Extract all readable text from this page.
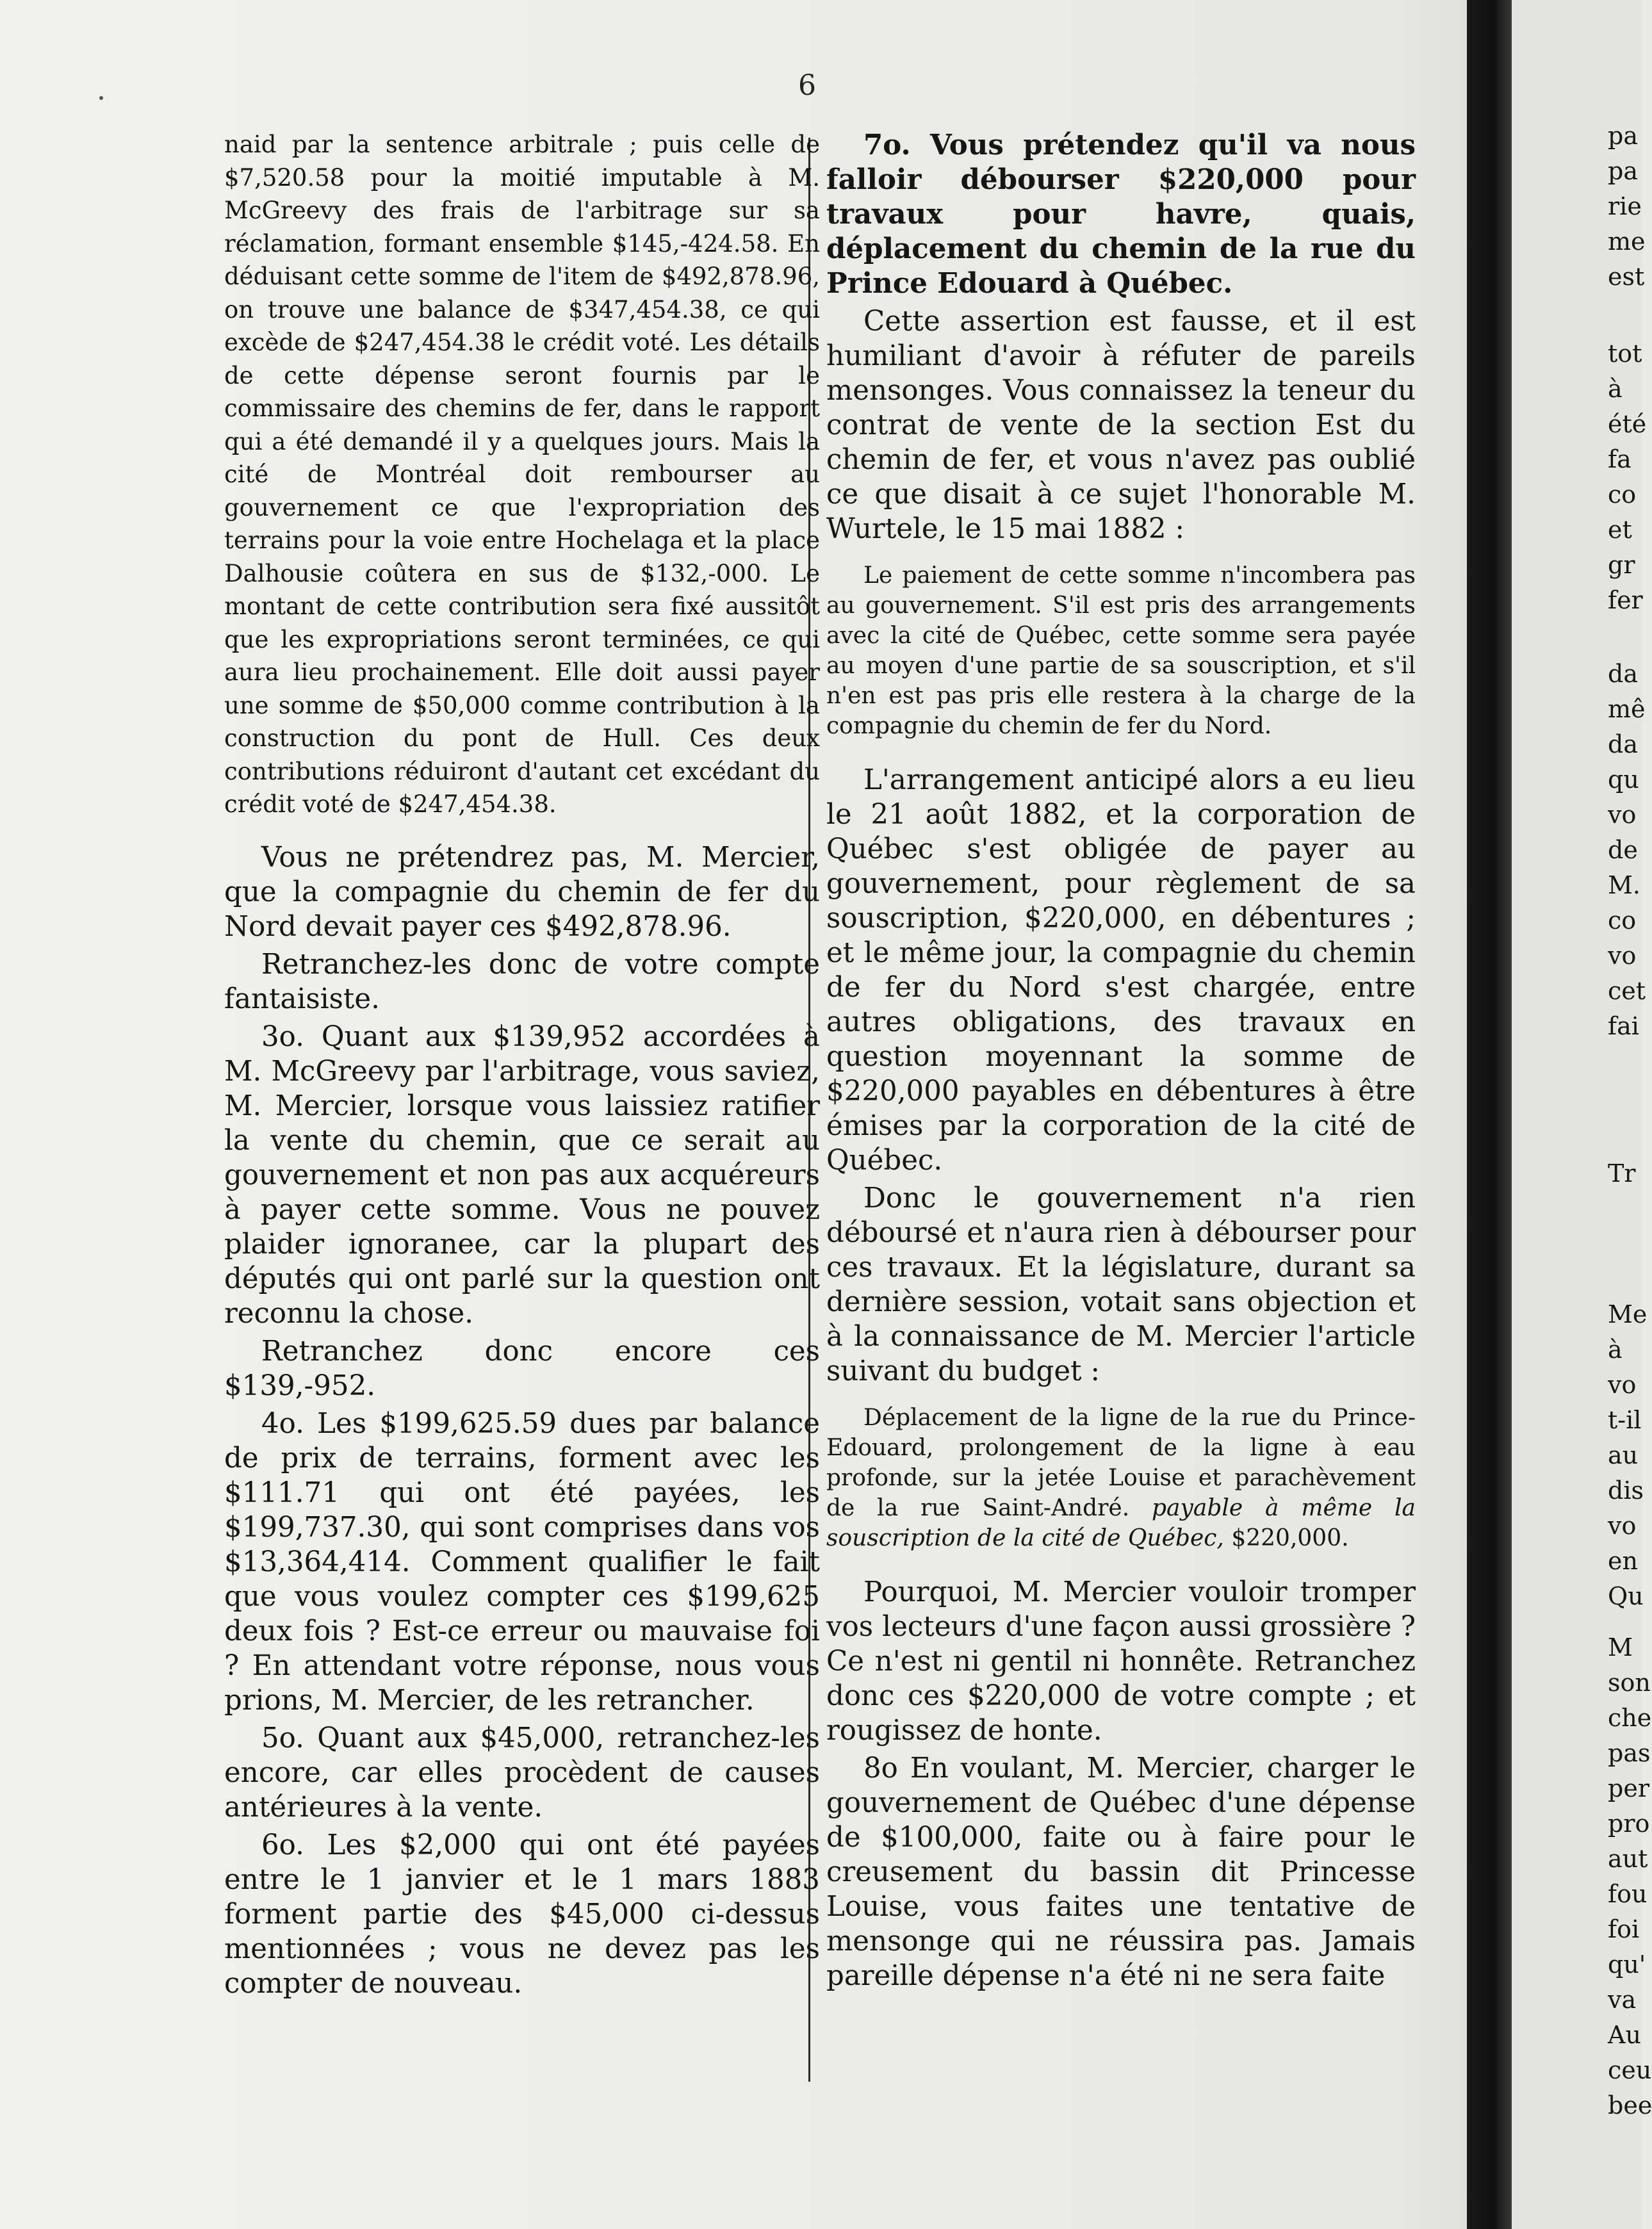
6

naid par la sentence arbitrale ; puis celle de $7,520.58 pour la moitié imputable à M. McGreevy des frais de l'arbitrage sur sa réclamation, formant ensemble $145,-424.58. En déduisant cette somme de l'item de $492,878.96, on trouve une balance de $347,454.38, ce qui excède de $247,454.38 le crédit voté. Les détails de cette dépense seront fournis par le commissaire des chemins de fer, dans le rapport qui a été demandé il y a quelques jours. Mais la cité de Montréal doit rembourser au gouvernement ce que l'expropriation des terrains pour la voie entre Hochelaga et la place Dalhousie coûtera en sus de $132,-000. Le montant de cette contribution sera fixé aussitôt que les expropriations seront terminées, ce qui aura lieu prochainement. Elle doit aussi payer une somme de $50,000 comme contribution à la construction du pont de Hull. Ces deux contributions réduiront d'autant cet excédant du crédit voté de $247,454.38.

Vous ne prétendrez pas, M. Mercier, que la compagnie du chemin de fer du Nord devait payer ces $492,878.96.

Retranchez-les donc de votre compte fantaisiste.

3o. Quant aux $139,952 accordées à M. McGreevy par l'arbitrage, vous saviez, M. Mercier, lorsque vous laissiez ratifier la vente du chemin, que ce serait au gouvernement et non pas aux acquéreurs à payer cette somme. Vous ne pouvez plaider ignoranee, car la plupart des députés qui ont parlé sur la question ont reconnu la chose.

Retranchez donc encore ces $139,-952.

4o. Les $199,625.59 dues par balance de prix de terrains, forment avec les $111.71 qui ont été payées, les $199,737.30, qui sont comprises dans vos $13,364,414. Comment qualifier le fait que vous voulez compter ces $199,625 deux fois ? Est-ce erreur ou mauvaise foi ? En attendant votre réponse, nous vous prions, M. Mercier, de les retrancher.

5o. Quant aux $45,000, retranchez-les encore, car elles procèdent de causes antérieures à la vente.

6o. Les $2,000 qui ont été payées entre le 1 janvier et le 1 mars 1883 forment partie des $45,000 ci-dessus mentionnées ; vous ne devez pas les compter de nouveau.

7o. Vous prétendez qu'il va nous falloir débourser $220,000 pour travaux pour havre, quais, déplacement du chemin de la rue du Prince Edouard à Québec.

Cette assertion est fausse, et il est humiliant d'avoir à réfuter de pareils mensonges. Vous connaissez la teneur du contrat de vente de la section Est du chemin de fer, et vous n'avez pas oublié ce que disait à ce sujet l'honorable M. Wurtele, le 15 mai 1882 :

Le paiement de cette somme n'incombera pas au gouvernement. S'il est pris des arrangements avec la cité de Québec, cette somme sera payée au moyen d'une partie de sa souscription, et s'il n'en est pas pris elle restera à la charge de la compagnie du chemin de fer du Nord.

L'arrangement anticipé alors a eu lieu le 21 août 1882, et la corporation de Québec s'est obligée de payer au gouvernement, pour règlement de sa souscription, $220,000, en débentures ; et le même jour, la compagnie du chemin de fer du Nord s'est chargée, entre autres obligations, des travaux en question moyennant la somme de $220,000 payables en débentures à être émises par la corporation de la cité de Québec.

Donc le gouvernement n'a rien déboursé et n'aura rien à débourser pour ces travaux. Et la législature, durant sa dernière session, votait sans objection et à la connaissance de M. Mercier l'article suivant du budget :

Déplacement de la ligne de la rue du Prince-Edouard, prolongement de la ligne à eau profonde, sur la jetée Louise et parachèvement de la rue Saint-André. payable à même la souscription de la cité de Québec, $220,000.

Pourquoi, M. Mercier vouloir tromper vos lecteurs d'une façon aussi grossière ? Ce n'est ni gentil ni honnête. Retranchez donc ces $220,000 de votre compte ; et rougissez de honte.

8o En voulant, M. Mercier, charger le gouvernement de Québec d'une dépense de $100,000, faite ou à faire pour le creusement du bassin dit Princesse Louise, vous faites une tentative de mensonge qui ne réussira pas. Jamais pareille dépense n'a été ni ne sera faite

pa
pa
rie
me
est
tot
à
été
fa
co
et
gr
fer
da
mê
da
qu
vo
de
M.
co
vo
cet
fai
Tr
Me
à
vo
t-il
au
dis
vo
en
Qu
M
son
che
pas
per
pro
aut
fou
foi
qu'
va
Au
ceu
bee
